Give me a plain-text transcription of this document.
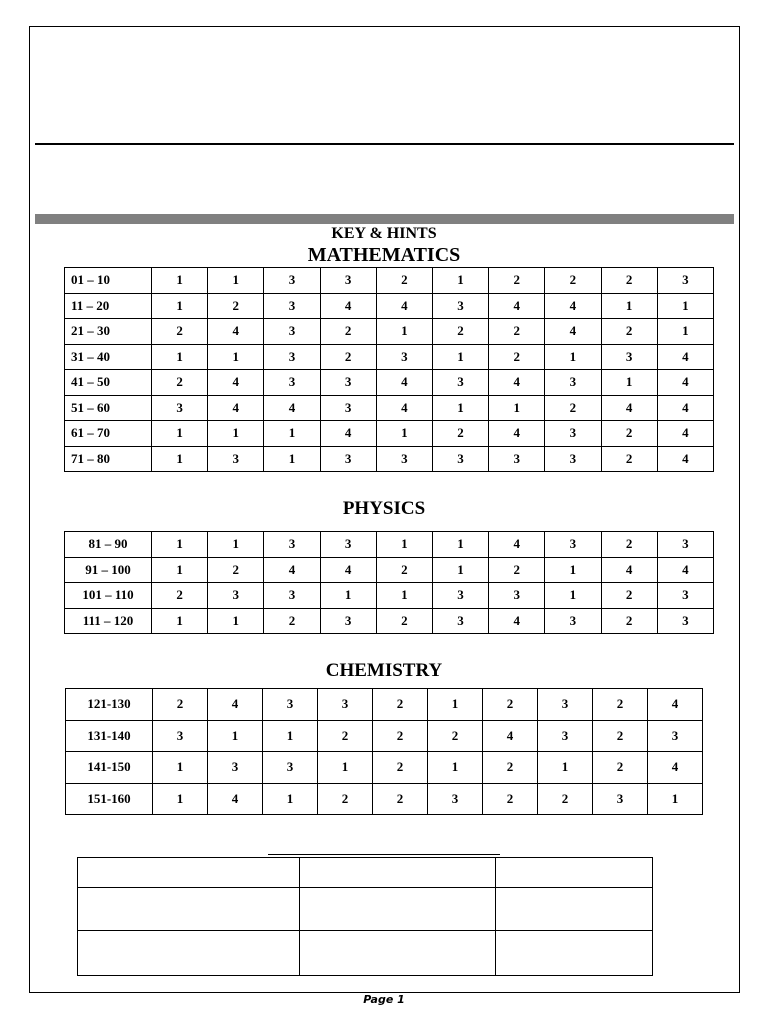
KEY & HINTS
MATHEMATICS
01 – 10	1	1	3	3	2	1	2	2	2	3
11 – 20	1	2	3	4	4	3	4	4	1	1
21 – 30	2	4	3	2	1	2	2	4	2	1
31 – 40	1	1	3	2	3	1	2	1	3	4
41 – 50	2	4	3	3	4	3	4	3	1	4
51 – 60	3	4	4	3	4	1	1	2	4	4
61 – 70	1	1	1	4	1	2	4	3	2	4
71 – 80	1	3	1	3	3	3	3	3	2	4
PHYSICS
81 – 90	1	1	3	3	1	1	4	3	2	3
91 – 100	1	2	4	4	2	1	2	1	4	4
101 – 110	2	3	3	1	1	3	3	1	2	3
111 – 120	1	1	2	3	2	3	4	3	2	3
CHEMISTRY
121-130	2	4	3	3	2	1	2	3	2	4
131-140	3	1	1	2	2	2	4	3	2	3
141-150	1	3	3	1	2	1	2	1	2	4
151-160	1	4	1	2	2	3	2	2	3	1

Page 1
